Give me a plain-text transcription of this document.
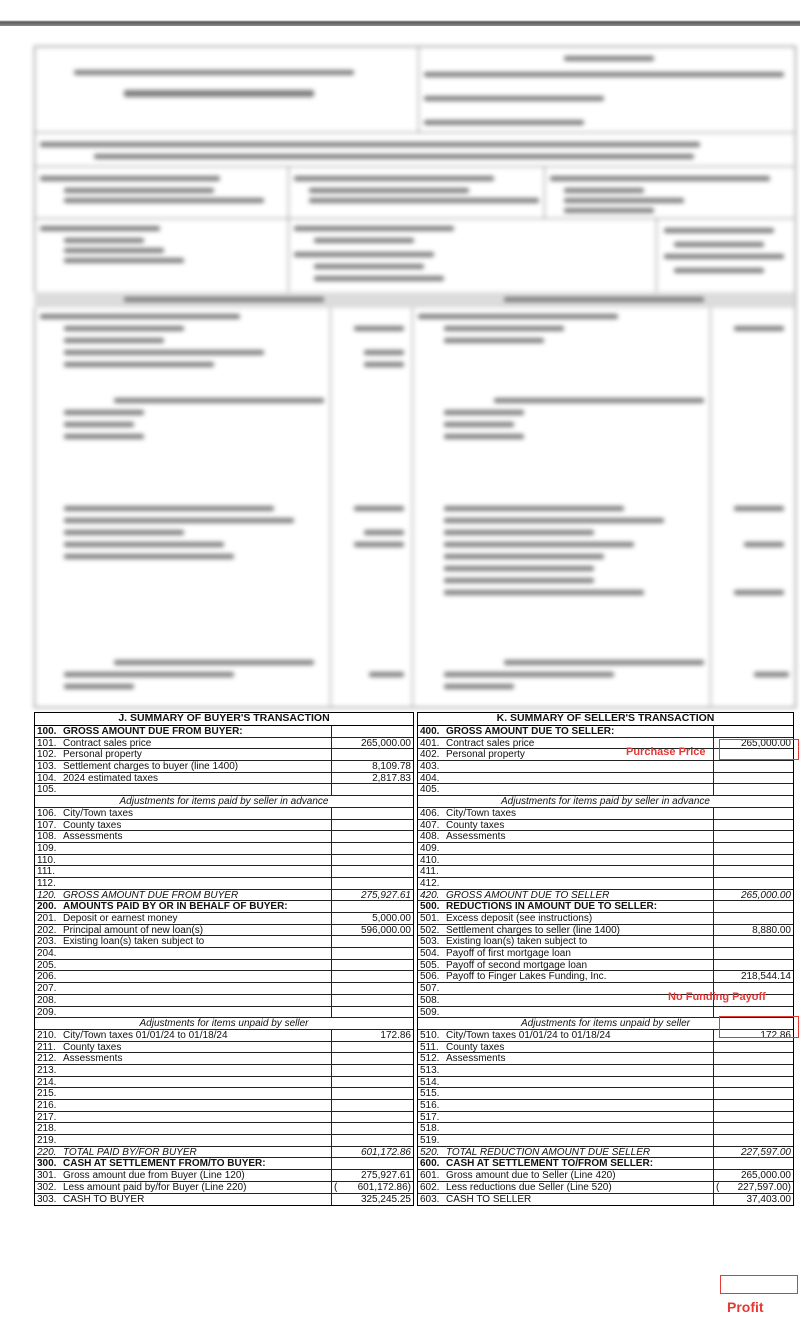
J. SUMMARY OF BUYER'S TRANSACTION
100. GROSS AMOUNT DUE FROM BUYER:
101. Contract sales price	265,000.00
102. Personal property
103. Settlement charges to buyer (line 1400)	8,109.78
104. 2024 estimated taxes	2,817.83
105.
Adjustments for items paid by seller in advance
106. City/Town taxes
107. County taxes
108. Assessments
109.
110.
111.
112.
120. GROSS AMOUNT DUE FROM BUYER	275,927.61
200. AMOUNTS PAID BY OR IN BEHALF OF BUYER:
201. Deposit or earnest money	5,000.00
202. Principal amount of new loan(s)	596,000.00
203. Existing loan(s) taken subject to
204.
205.
206.
207.
208.
209.
Adjustments for items unpaid by seller
210. City/Town taxes 01/01/24 to 01/18/24	172.86
211. County taxes
212. Assessments
213.
214.
215.
216.
217.
218.
219.
220. TOTAL PAID BY/FOR BUYER	601,172.86
300. CASH AT SETTLEMENT FROM/TO BUYER:
301. Gross amount due from Buyer (Line 120)	275,927.61
302. Less amount paid by/for Buyer (Line 220)	( 601,172.86)
303. CASH TO BUYER	325,245.25
K. SUMMARY OF SELLER'S TRANSACTION
400. GROSS AMOUNT DUE TO SELLER:
401. Contract sales price	265,000.00
402. Personal property
403.
404.
405.
Adjustments for items paid by seller in advance
406. City/Town taxes
407. County taxes
408. Assessments
409.
410.
411.
412.
420. GROSS AMOUNT DUE TO SELLER	265,000.00
500. REDUCTIONS IN AMOUNT DUE TO SELLER:
501. Excess deposit (see instructions)
502. Settlement charges to seller (line 1400)	8,880.00
503. Existing loan(s) taken subject to
504. Payoff of first mortgage loan
505. Payoff of second mortgage loan
506. Payoff to Finger Lakes Funding, Inc.	218,544.14
507.
508.
509.
Adjustments for items unpaid by seller
510. City/Town taxes 01/01/24 to 01/18/24	172.86
511. County taxes
512. Assessments
513.
514.
515.
516.
517.
518.
519.
520. TOTAL REDUCTION AMOUNT DUE SELLER	227,597.00
600. CASH AT SETTLEMENT TO/FROM SELLER:
601. Gross amount due to Seller (Line 420)	265,000.00
602. Less reductions due Seller (Line 520)	( 227,597.00)
603. CASH TO SELLER	37,403.00
Purchase Price
No Funding Payoff
Profit
